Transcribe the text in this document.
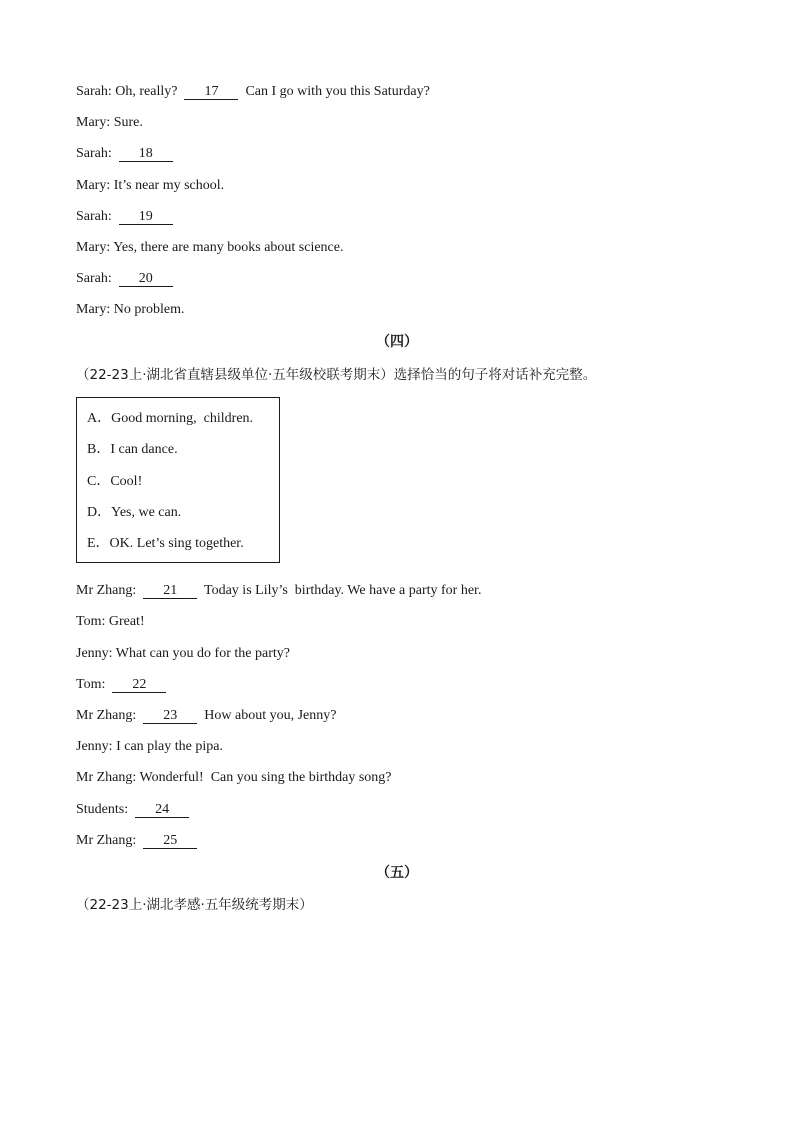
Sarah: Oh, really?  17  Can I go with you this Saturday?
Mary: Sure.
Sarah: 18
Mary: It’s near my school.
Sarah: 19
Mary: Yes, there are many books about science.
Sarah: 20
Mary: No problem.
（四）
（22-23上·湖北省直辖县级单位·五年级校联考期末）选择恰当的句子将对话补充完整。
A．Good morning,  children.
B．I can dance.
C．Cool!
D．Yes, we can.
E．OK. Let’s sing together.
Mr Zhang: 21  Today is Lily’s  birthday. We have a party for her.
Tom: Great!
Jenny: What can you do for the party?
Tom: 22
Mr Zhang: 23  How about you, Jenny?
Jenny: I can play the pipa.
Mr Zhang: Wonderful!  Can you sing the birthday song?
Students: 24
Mr Zhang: 25
（五）
（22-23上·湖北孝感·五年级统考期末）
